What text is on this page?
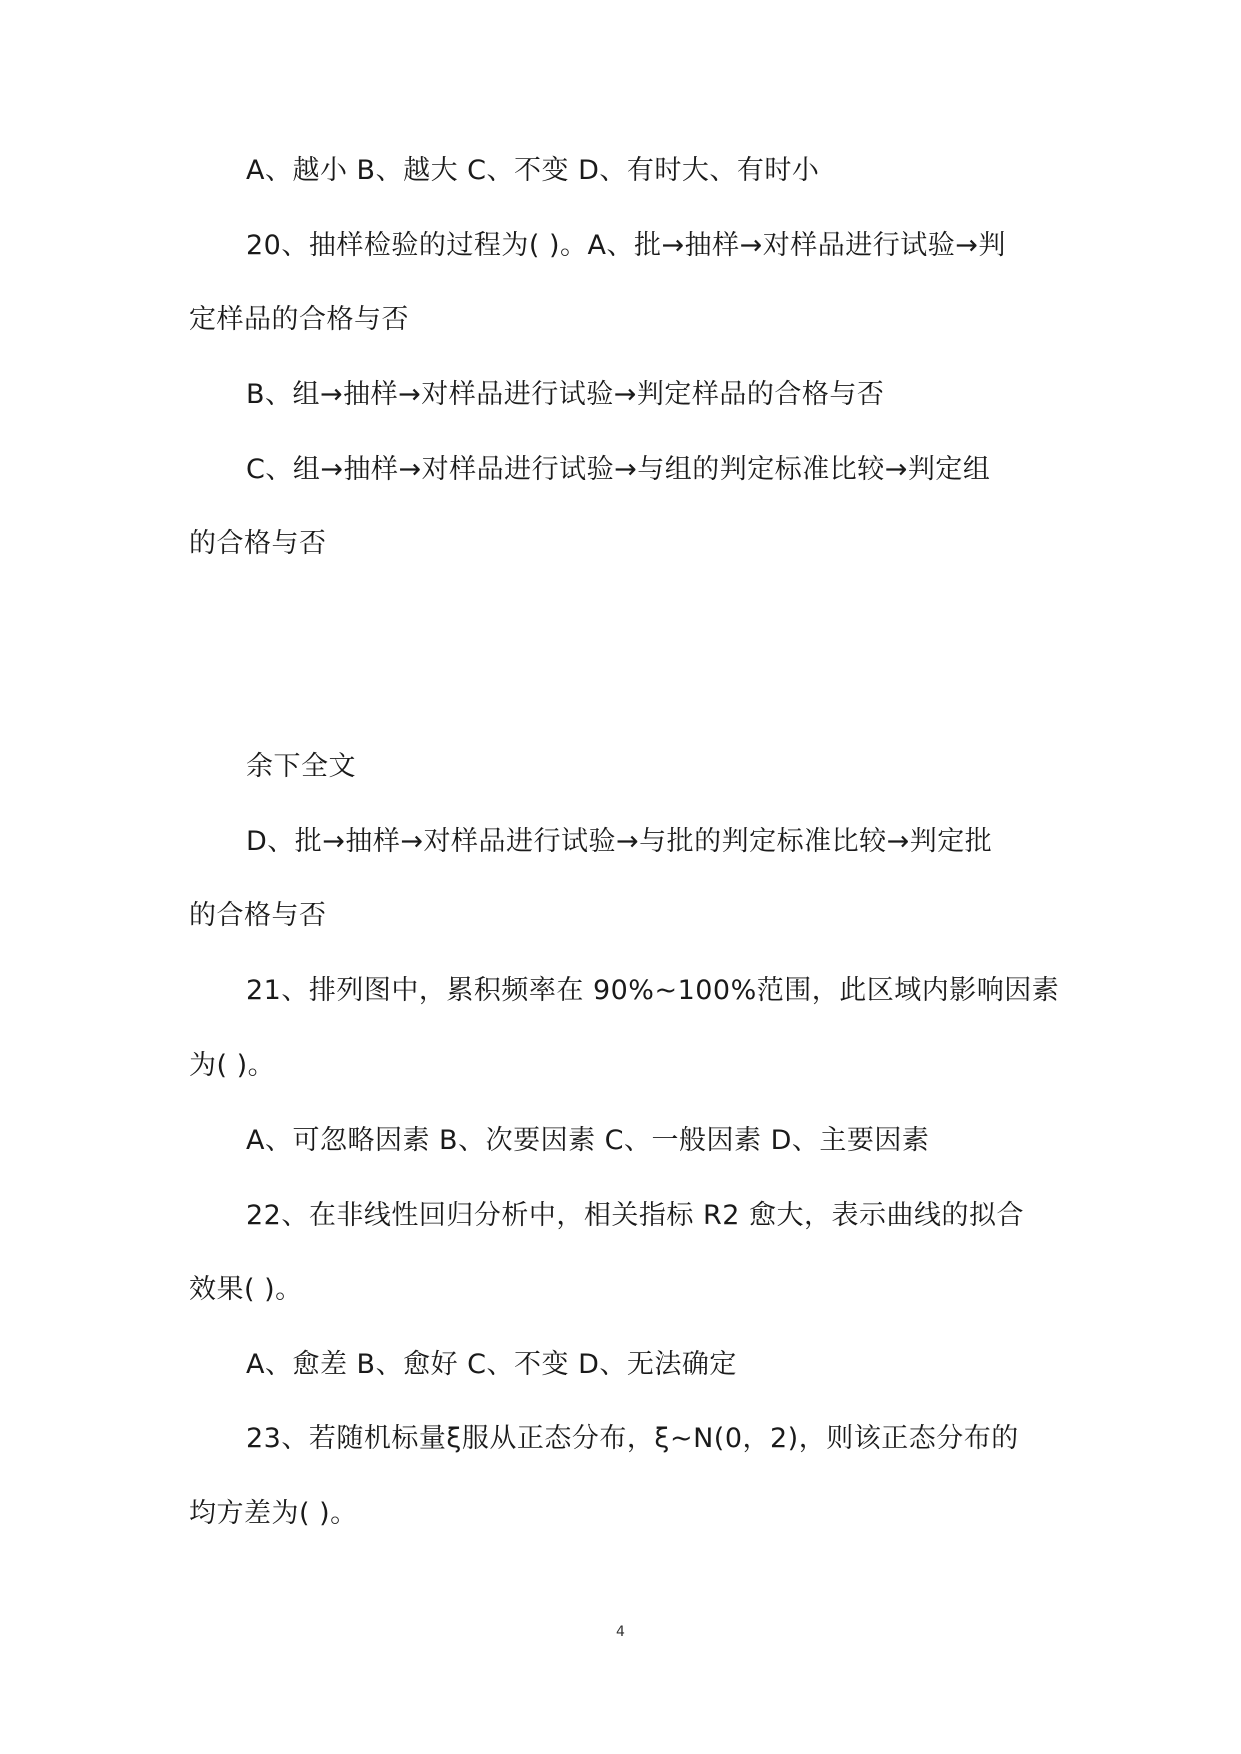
A、越小 B、越大 C、不变 D、有时大、有时小
20、抽样检验的过程为( )。A、批→抽样→对样品进行试验→判
定样品的合格与否
B、组→抽样→对样品进行试验→判定样品的合格与否
C、组→抽样→对样品进行试验→与组的判定标准比较→判定组
的合格与否
余下全文
D、批→抽样→对样品进行试验→与批的判定标准比较→判定批
的合格与否
21、排列图中，累积频率在 90%~100%范围，此区域内影响因素
为( )。
A、可忽略因素 B、次要因素 C、一般因素 D、主要因素
22、在非线性回归分析中，相关指标 R2 愈大，表示曲线的拟合
效果( )。
A、愈差 B、愈好 C、不变 D、无法确定
23、若随机标量ξ服从正态分布，ξ~N(0，2)，则该正态分布的
均方差为( )。
4
